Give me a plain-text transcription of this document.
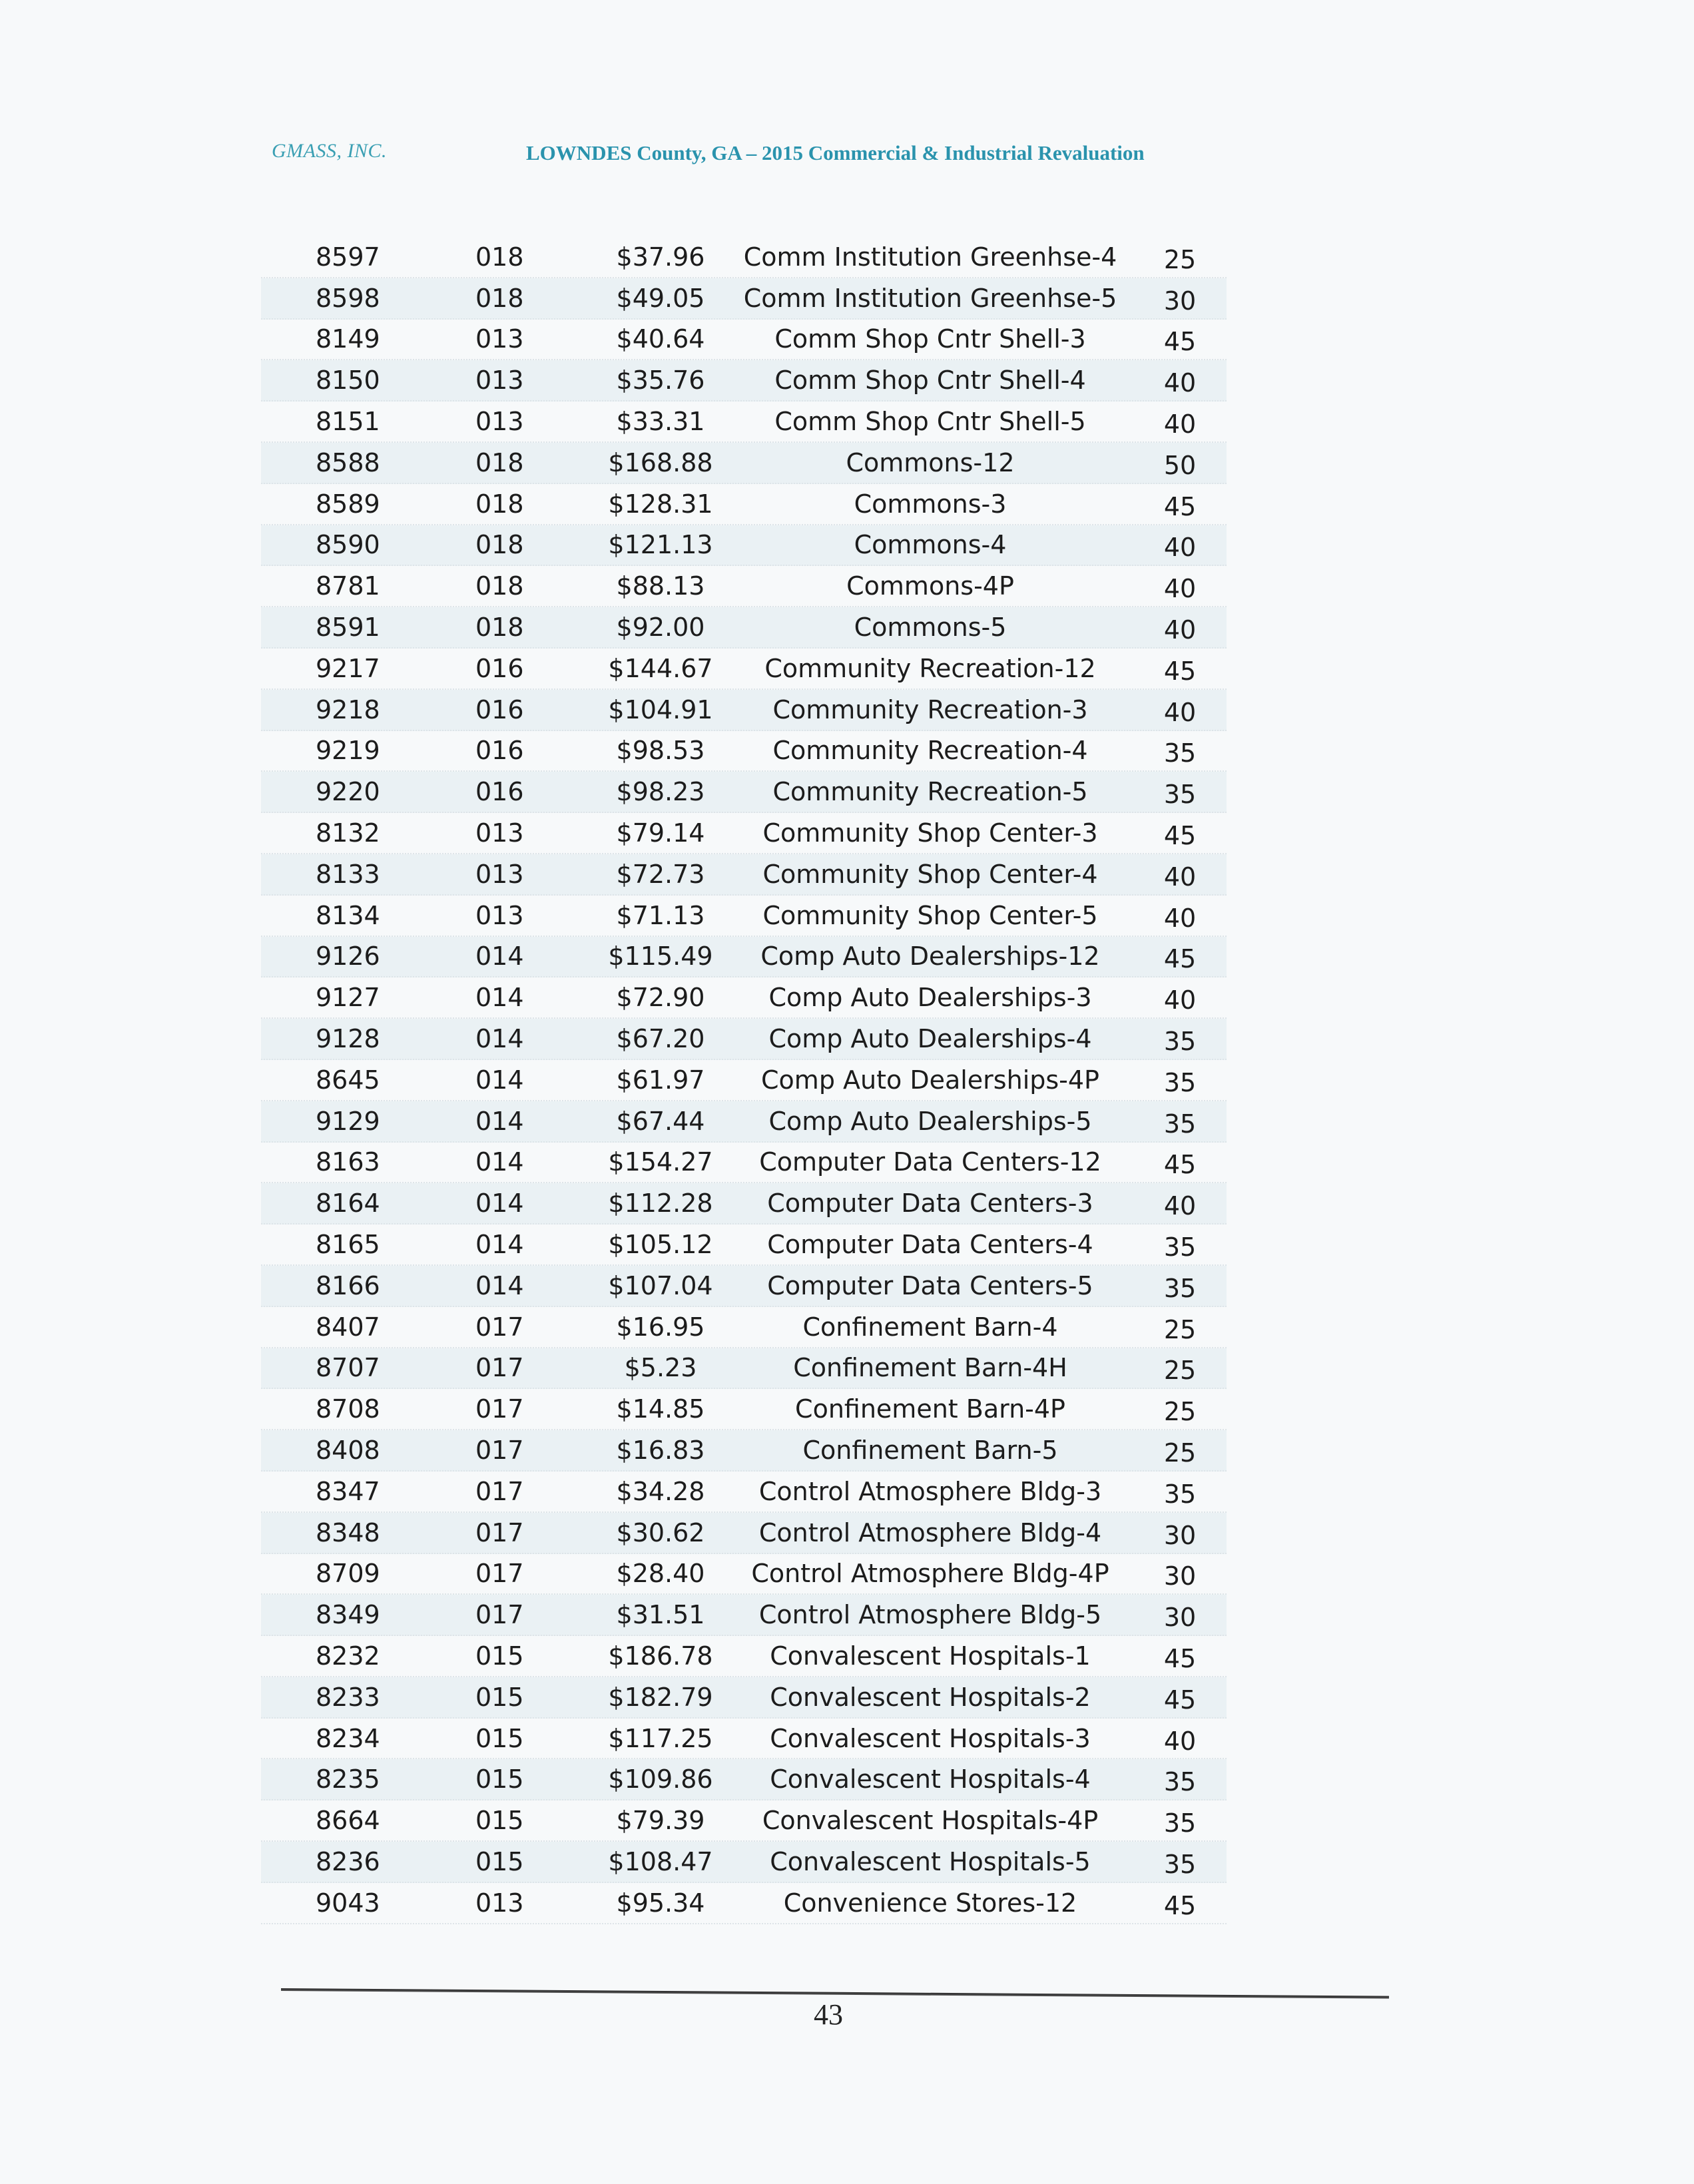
GMASS, INC.	LOWNDES County, GA – 2015 Commercial & Industrial Revaluation
8597	018	$37.96	Comm Institution Greenhse-4	25
8598	018	$49.05	Comm Institution Greenhse-5	30
8149	013	$40.64	Comm Shop Cntr Shell-3	45
8150	013	$35.76	Comm Shop Cntr Shell-4	40
8151	013	$33.31	Comm Shop Cntr Shell-5	40
8588	018	$168.88	Commons-12	50
8589	018	$128.31	Commons-3	45
8590	018	$121.13	Commons-4	40
8781	018	$88.13	Commons-4P	40
8591	018	$92.00	Commons-5	40
9217	016	$144.67	Community Recreation-12	45
9218	016	$104.91	Community Recreation-3	40
9219	016	$98.53	Community Recreation-4	35
9220	016	$98.23	Community Recreation-5	35
8132	013	$79.14	Community Shop Center-3	45
8133	013	$72.73	Community Shop Center-4	40
8134	013	$71.13	Community Shop Center-5	40
9126	014	$115.49	Comp Auto Dealerships-12	45
9127	014	$72.90	Comp Auto Dealerships-3	40
9128	014	$67.20	Comp Auto Dealerships-4	35
8645	014	$61.97	Comp Auto Dealerships-4P	35
9129	014	$67.44	Comp Auto Dealerships-5	35
8163	014	$154.27	Computer Data Centers-12	45
8164	014	$112.28	Computer Data Centers-3	40
8165	014	$105.12	Computer Data Centers-4	35
8166	014	$107.04	Computer Data Centers-5	35
8407	017	$16.95	Confinement Barn-4	25
8707	017	$5.23	Confinement Barn-4H	25
8708	017	$14.85	Confinement Barn-4P	25
8408	017	$16.83	Confinement Barn-5	25
8347	017	$34.28	Control Atmosphere Bldg-3	35
8348	017	$30.62	Control Atmosphere Bldg-4	30
8709	017	$28.40	Control Atmosphere Bldg-4P	30
8349	017	$31.51	Control Atmosphere Bldg-5	30
8232	015	$186.78	Convalescent Hospitals-1	45
8233	015	$182.79	Convalescent Hospitals-2	45
8234	015	$117.25	Convalescent Hospitals-3	40
8235	015	$109.86	Convalescent Hospitals-4	35
8664	015	$79.39	Convalescent Hospitals-4P	35
8236	015	$108.47	Convalescent Hospitals-5	35
9043	013	$95.34	Convenience Stores-12	45
43
